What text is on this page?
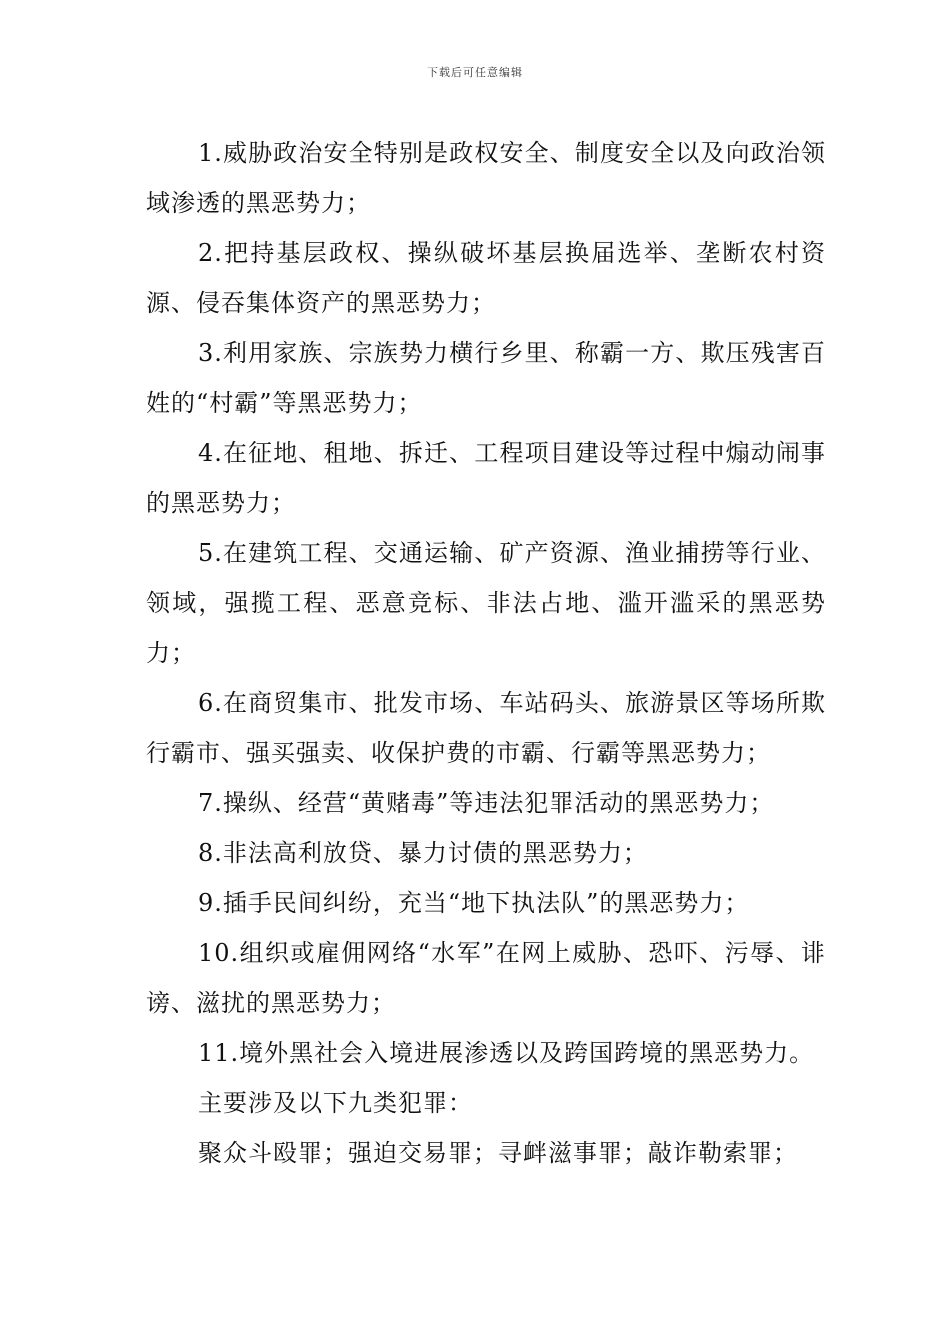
下载后可任意编辑

1.威胁政治安全特别是政权安全、制度安全以及向政治领域渗透的黑恶势力；

2.把持基层政权、操纵破坏基层换届选举、垄断农村资源、侵吞集体资产的黑恶势力；

3.利用家族、宗族势力横行乡里、称霸一方、欺压残害百姓的“村霸”等黑恶势力；

4.在征地、租地、拆迁、工程项目建设等过程中煽动闹事的黑恶势力；

5.在建筑工程、交通运输、矿产资源、渔业捕捞等行业、领域，强揽工程、恶意竞标、非法占地、滥开滥采的黑恶势力；

6.在商贸集市、批发市场、车站码头、旅游景区等场所欺行霸市、强买强卖、收保护费的市霸、行霸等黑恶势力；

7.操纵、经营“黄赌毒”等违法犯罪活动的黑恶势力；

8.非法高利放贷、暴力讨债的黑恶势力；

9.插手民间纠纷，充当“地下执法队”的黑恶势力；

10.组织或雇佣网络“水军”在网上威胁、恐吓、污辱、诽谤、滋扰的黑恶势力；

11.境外黑社会入境进展渗透以及跨国跨境的黑恶势力。

主要涉及以下九类犯罪：

聚众斗殴罪；强迫交易罪；寻衅滋事罪；敲诈勒索罪；
